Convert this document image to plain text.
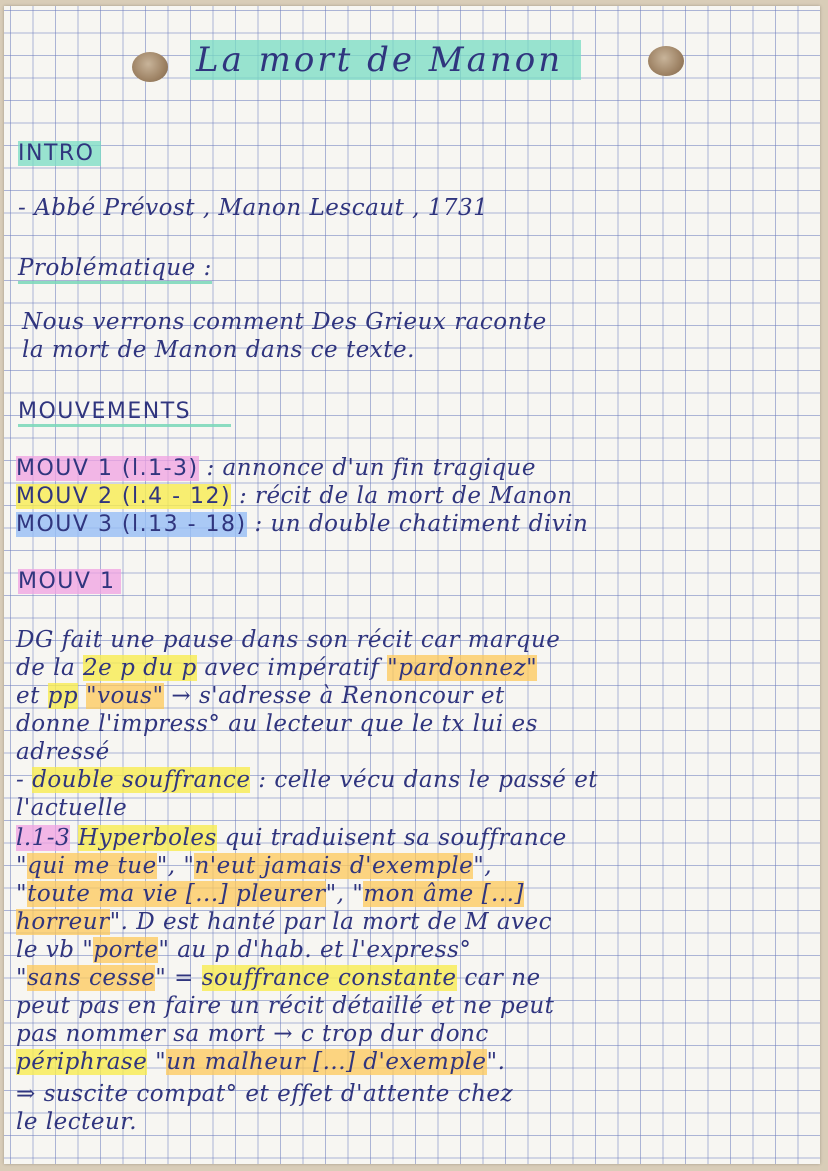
La mort de Manon

INTRO

- Abbé Prévost , Manon Lescaut , 1731

Problématique :

Nous verrons comment Des Grieux raconte

la mort de Manon dans ce texte.

MOUVEMENTS

MOUV 1 (l.1-3) : annonce d'un fin tragique

MOUV 2 (l.4 - 12) : récit de la mort de Manon

MOUV 3 (l.13 - 18) : un double chatiment divin

MOUV 1

DG fait une pause dans son récit car marque

de la 2e p du p avec impératif "pardonnez"

et pp "vous" → s'adresse à Renoncour et

donne l'impress° au lecteur que le tx lui es

adressé

- double souffrance : celle vécu dans le passé et

l'actuelle

l.1-3 Hyperboles qui traduisent sa souffrance

"qui me tue", "n'eut jamais d'exemple",

"toute ma vie [...] pleurer", "mon âme [...]

horreur". D est hanté par la mort de M avec

le vb "porte" au p d'hab. et l'express°

"sans cesse" = souffrance constante car ne

peut pas en faire un récit détaillé et ne peut

pas nommer sa mort → c trop dur donc

périphrase "un malheur [...] d'exemple".

⇒ suscite compat° et effet d'attente chez

le lecteur.
